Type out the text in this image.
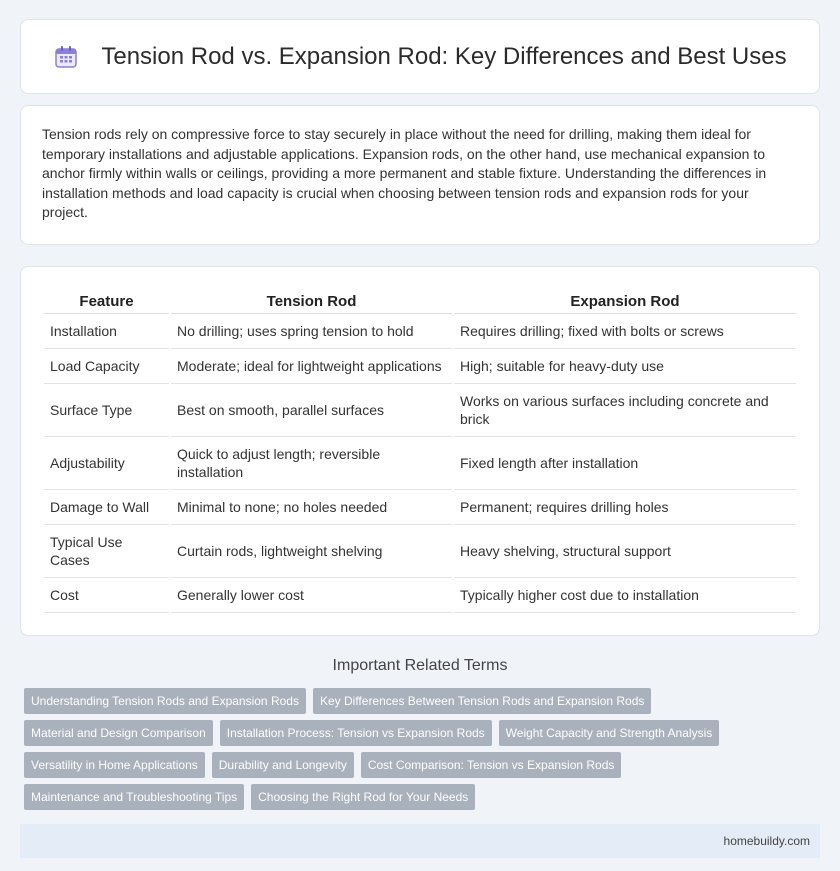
Tension Rod vs. Expansion Rod: Key Differences and Best Uses

Tension rods rely on compressive force to stay securely in place without the need for drilling, making them ideal for temporary installations and adjustable applications. Expansion rods, on the other hand, use mechanical expansion to anchor firmly within walls or ceilings, providing a more permanent and stable fixture. Understanding the differences in installation methods and load capacity is crucial when choosing between tension rods and expansion rods for your project.

Feature	Tension Rod	Expansion Rod
Installation	No drilling; uses spring tension to hold	Requires drilling; fixed with bolts or screws
Load Capacity	Moderate; ideal for lightweight applications	High; suitable for heavy-duty use
Surface Type	Best on smooth, parallel surfaces	Works on various surfaces including concrete and brick
Adjustability	Quick to adjust length; reversible installation	Fixed length after installation
Damage to Wall	Minimal to none; no holes needed	Permanent; requires drilling holes
Typical Use Cases	Curtain rods, lightweight shelving	Heavy shelving, structural support
Cost	Generally lower cost	Typically higher cost due to installation
Important Related Terms
Understanding Tension Rods and Expansion Rods	Key Differences Between Tension Rods and Expansion Rods
Material and Design Comparison	Installation Process: Tension vs Expansion Rods	Weight Capacity and Strength Analysis
Versatility in Home Applications	Durability and Longevity	Cost Comparison: Tension vs Expansion Rods
Maintenance and Troubleshooting Tips	Choosing the Right Rod for Your Needs
homebuildy.com
